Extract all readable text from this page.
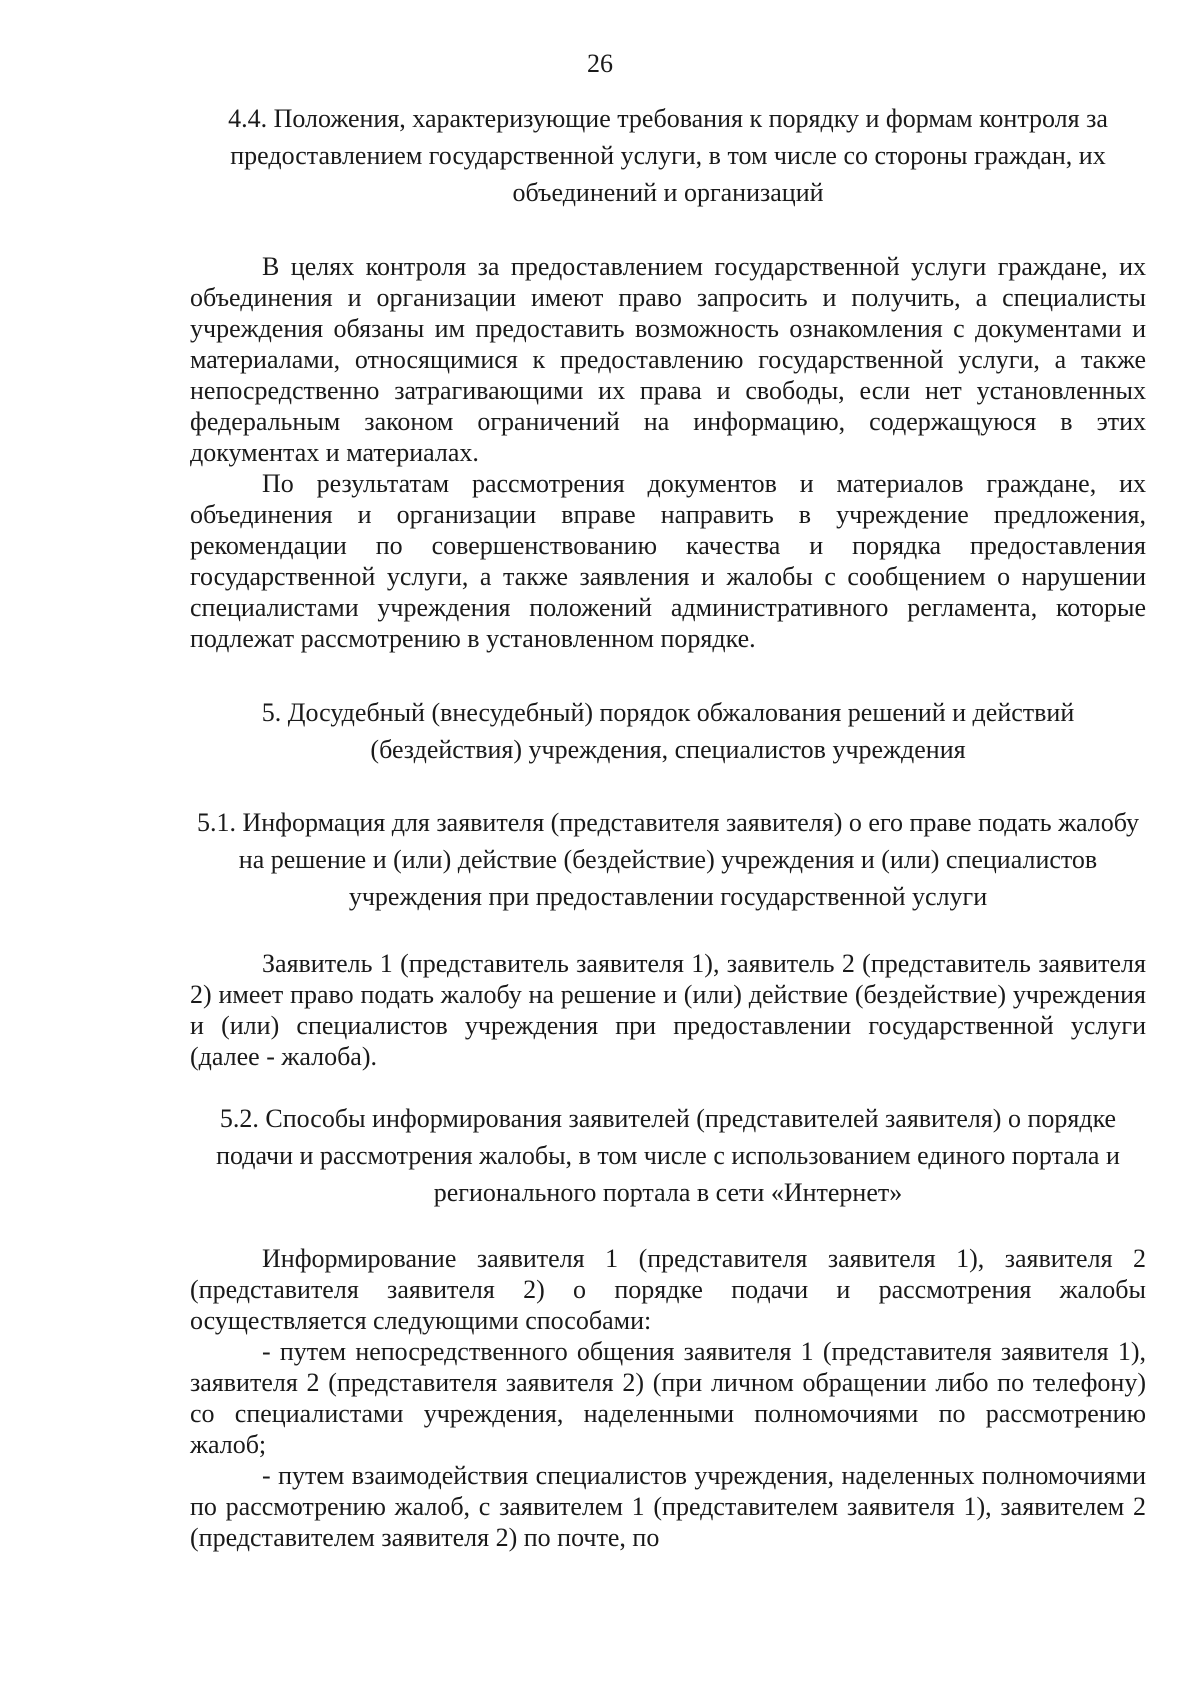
26

4.4. Положения, характеризующие требования к порядку и формам контроля за предоставлением государственной услуги, в том числе со стороны граждан, их объединений и организаций

В целях контроля за предоставлением государственной услуги граждане, их объединения и организации имеют право запросить и получить, а специалисты учреждения обязаны им предоставить возможность ознакомления с документами и материалами, относящимися к предоставлению государственной услуги, а также непосредственно затрагивающими их права и свободы, если нет установленных федеральным законом ограничений на информацию, содержащуюся в этих документах и материалах.

По результатам рассмотрения документов и материалов граждане, их объединения и организации вправе направить в учреждение предложения, рекомендации по совершенствованию качества и порядка предоставления государственной услуги, а также заявления и жалобы с сообщением о нарушении специалистами учреждения положений административного регламента, которые подлежат рассмотрению в установленном порядке.

5. Досудебный (внесудебный) порядок обжалования решений и действий (бездействия) учреждения, специалистов учреждения

5.1. Информация для заявителя (представителя заявителя) о его праве подать жалобу на решение и (или) действие (бездействие) учреждения и (или) специалистов учреждения при предоставлении государственной услуги

Заявитель 1 (представитель заявителя 1), заявитель 2 (представитель заявителя 2) имеет право подать жалобу на решение и (или) действие (бездействие) учреждения и (или) специалистов учреждения при предоставлении государственной услуги (далее - жалоба).

5.2. Способы информирования заявителей (представителей заявителя) о порядке подачи и рассмотрения жалобы, в том числе с использованием единого портала и регионального портала в сети «Интернет»

Информирование заявителя 1 (представителя заявителя 1), заявителя 2 (представителя заявителя 2) о порядке подачи и рассмотрения жалобы осуществляется следующими способами:

- путем непосредственного общения заявителя 1 (представителя заявителя 1), заявителя 2 (представителя заявителя 2) (при личном обращении либо по телефону) со специалистами учреждения, наделенными полномочиями по рассмотрению жалоб;

- путем взаимодействия специалистов учреждения, наделенных полномочиями по рассмотрению жалоб, с заявителем 1 (представителем заявителя 1), заявителем 2 (представителем заявителя 2) по почте, по
